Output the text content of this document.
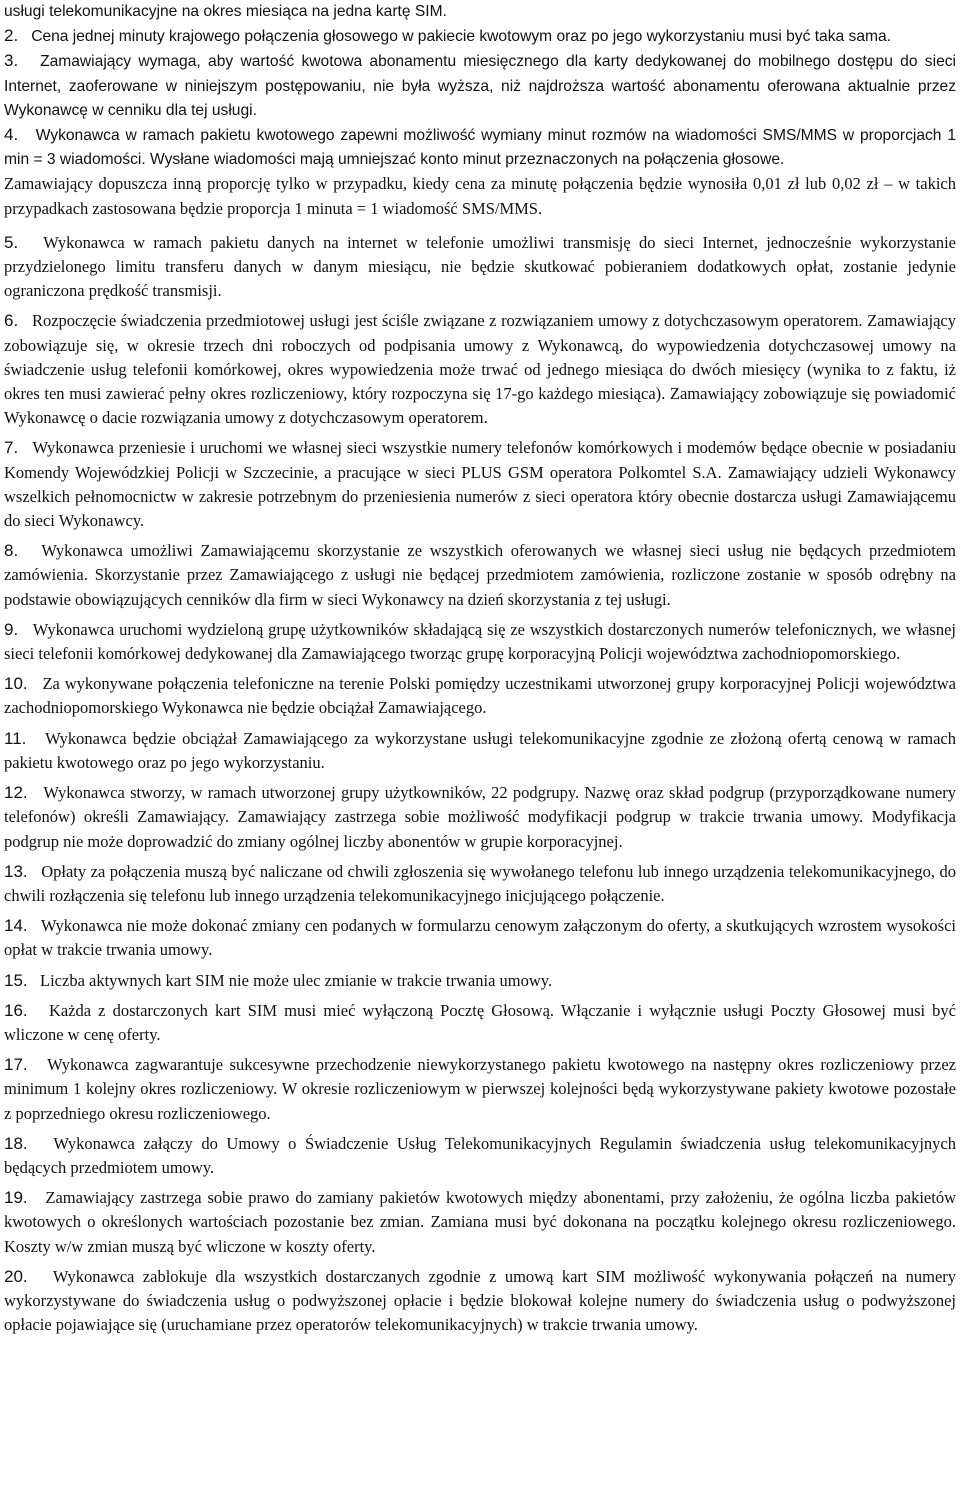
usługi telekomunikacyjne na okres miesiąca na jedna kartę SIM.

2. Cena jednej minuty krajowego połączenia głosowego w pakiecie kwotowym oraz po jego wykorzystaniu musi być taka sama.

3. Zamawiający wymaga, aby wartość kwotowa abonamentu miesięcznego dla karty dedykowanej do mobilnego dostępu do sieci Internet, zaoferowane w niniejszym postępowaniu, nie była wyższa, niż najdroższa wartość abonamentu oferowana aktualnie przez Wykonawcę w cenniku dla tej usługi.

4. Wykonawca w ramach pakietu kwotowego zapewni możliwość wymiany minut rozmów na wiadomości SMS/MMS w proporcjach 1 min = 3 wiadomości. Wysłane wiadomości mają umniejszać konto minut przeznaczonych na połączenia głosowe.

Zamawiający dopuszcza inną proporcję tylko w przypadku, kiedy cena za minutę połączenia będzie wynosiła 0,01 zł lub 0,02 zł – w takich przypadkach zastosowana będzie proporcja 1 minuta = 1 wiadomość SMS/MMS.

5. Wykonawca w ramach pakietu danych na internet w telefonie umożliwi transmisję do sieci Internet, jednocześnie wykorzystanie przydzielonego limitu transferu danych w danym miesiącu, nie będzie skutkować pobieraniem dodatkowych opłat, zostanie jedynie ograniczona prędkość transmisji.

6. Rozpoczęcie świadczenia przedmiotowej usługi jest ściśle związane z rozwiązaniem umowy z dotychczasowym operatorem. Zamawiający zobowiązuje się, w okresie trzech dni roboczych od podpisania umowy z Wykonawcą, do wypowiedzenia dotychczasowej umowy na świadczenie usług telefonii komórkowej, okres wypowiedzenia może trwać od jednego miesiąca do dwóch miesięcy (wynika to z faktu, iż okres ten musi zawierać pełny okres rozliczeniowy, który rozpoczyna się 17-go każdego miesiąca). Zamawiający zobowiązuje się powiadomić Wykonawcę o dacie rozwiązania umowy z dotychczasowym operatorem.

7. Wykonawca przeniesie i uruchomi we własnej sieci wszystkie numery telefonów komórkowych i modemów będące obecnie w posiadaniu Komendy Wojewódzkiej Policji w Szczecinie, a pracujące w sieci PLUS GSM operatora Polkomtel S.A. Zamawiający udzieli Wykonawcy wszelkich pełnomocnictw w zakresie potrzebnym do przeniesienia numerów z sieci operatora który obecnie dostarcza usługi Zamawiającemu do sieci Wykonawcy.

8. Wykonawca umożliwi Zamawiającemu skorzystanie ze wszystkich oferowanych we własnej sieci usług nie będących przedmiotem zamówienia. Skorzystanie przez Zamawiającego z usługi nie będącej przedmiotem zamówienia, rozliczone zostanie w sposób odrębny na podstawie obowiązujących cenników dla firm w sieci Wykonawcy na dzień skorzystania z tej usługi.

9. Wykonawca uruchomi wydzieloną grupę użytkowników składającą się ze wszystkich dostarczonych numerów telefonicznych, we własnej sieci telefonii komórkowej dedykowanej dla Zamawiającego tworząc grupę korporacyjną Policji województwa zachodniopomorskiego.

10. Za wykonywane połączenia telefoniczne na terenie Polski pomiędzy uczestnikami utworzonej grupy korporacyjnej Policji województwa zachodniopomorskiego Wykonawca nie będzie obciążał Zamawiającego.

11. Wykonawca będzie obciążał Zamawiającego za wykorzystane usługi telekomunikacyjne zgodnie ze złożoną ofertą cenową w ramach pakietu kwotowego oraz po jego wykorzystaniu.

12. Wykonawca stworzy, w ramach utworzonej grupy użytkowników, 22 podgrupy. Nazwę oraz skład podgrup (przyporządkowane numery telefonów) określi Zamawiający. Zamawiający zastrzega sobie możliwość modyfikacji podgrup w trakcie trwania umowy. Modyfikacja podgrup nie może doprowadzić do zmiany ogólnej liczby abonentów w grupie korporacyjnej.

13. Opłaty za połączenia muszą być naliczane od chwili zgłoszenia się wywołanego telefonu lub innego urządzenia telekomunikacyjnego, do chwili rozłączenia się telefonu lub innego urządzenia telekomunikacyjnego inicjującego połączenie.

14. Wykonawca nie może dokonać zmiany cen podanych w formularzu cenowym załączonym do oferty, a skutkujących wzrostem wysokości opłat w trakcie trwania umowy.

15. Liczba aktywnych kart SIM nie może ulec zmianie w trakcie trwania umowy.

16. Każda z dostarczonych kart SIM musi mieć wyłączoną Pocztę Głosową. Włączanie i wyłącznie usługi Poczty Głosowej musi być wliczone w cenę oferty.

17. Wykonawca zagwarantuje sukcesywne przechodzenie niewykorzystanego pakietu kwotowego na następny okres rozliczeniowy przez minimum 1 kolejny okres rozliczeniowy. W okresie rozliczeniowym w pierwszej kolejności będą wykorzystywane pakiety kwotowe pozostałe z poprzedniego okresu rozliczeniowego.

18. Wykonawca załączy do Umowy o Świadczenie Usług Telekomunikacyjnych Regulamin świadczenia usług telekomunikacyjnych będących przedmiotem umowy.

19. Zamawiający zastrzega sobie prawo do zamiany pakietów kwotowych między abonentami, przy założeniu, że ogólna liczba pakietów kwotowych o określonych wartościach pozostanie bez zmian. Zamiana musi być dokonana na początku kolejnego okresu rozliczeniowego. Koszty w/w zmian muszą być wliczone w koszty oferty.

20. Wykonawca zablokuje dla wszystkich dostarczanych zgodnie z umową kart SIM możliwość wykonywania połączeń na numery wykorzystywane do świadczenia usług o podwyższonej opłacie i będzie blokował kolejne numery do świadczenia usług o podwyższonej opłacie pojawiające się (uruchamiane przez operatorów telekomunikacyjnych) w trakcie trwania umowy.
